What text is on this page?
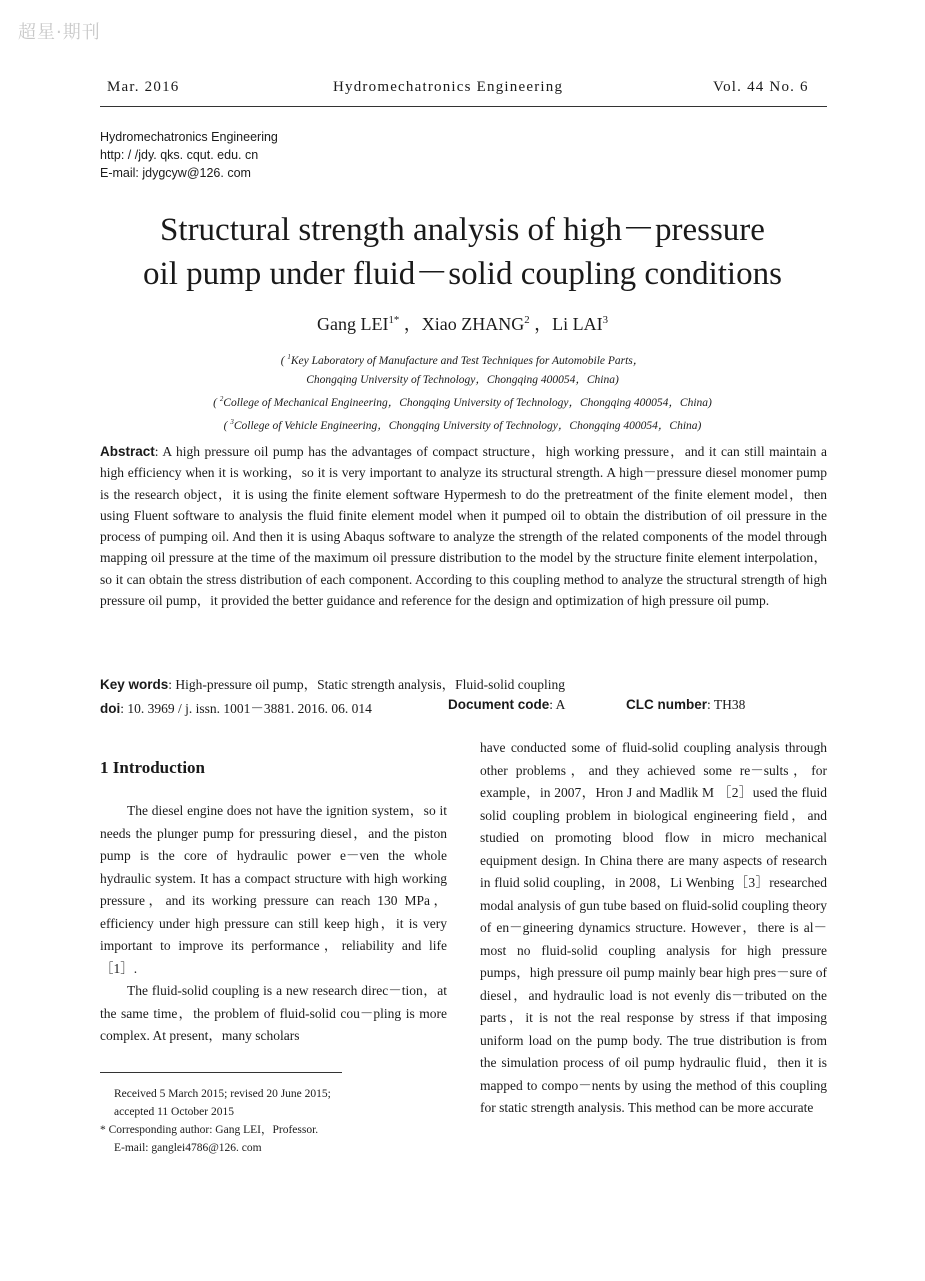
超星·期刊
Mar. 2016	Hydromechatronics Engineering	Vol. 44 No. 6
Hydromechatronics Engineering
http: / /jdy. qks. cqut. edu. cn
E-mail: jdygcyw@126. com
Structural strength analysis of high－pressure
oil pump under fluid－solid coupling conditions
Gang $LEI^{1*}$ ，Xiao ZHANG$^2$ ，Li LAI$^3$
( $^1$Key Laboratory of Manufacture and Test Techniques for Automobile Parts，
Chongqing University of Technology，Chongqing 400054，China)
( $^2$College of Mechanical Engineering，Chongqing University of Technology，Chongqing 400054，China)
( $^3$College of Vehicle Engineering，Chongqing University of Technology，Chongqing 400054，China)
Abstract: A high pressure oil pump has the advantages of compact structure，high working pressure，and it can still maintain a high efficiency when it is working，so it is very important to analyze its structural strength. A high－pressure diesel monomer pump is the research object，it is using the finite element software Hypermesh to do the pretreatment of the finite element model，then using Fluent software to analysis the fluid finite element model when it pumped oil to obtain the distribution of oil pressure in the process of pumping oil. And then it is using Abaqus software to analyze the strength of the related components of the model through mapping oil pressure at the time of the maximum oil pressure distribution to the model by the structure finite element interpolation，so it can obtain the stress distribution of each component. According to this coupling method to analyze the structural strength of high pressure oil pump，it provided the better guidance and reference for the design and optimization of high pressure oil pump.
Key words: High-pressure oil pump，Static strength analysis，Fluid-solid coupling
doi: 10. 3969 / j. issn. 1001－3881. 2016. 06. 014	Document code: A	CLC number: TH38
1 Introduction

The diesel engine does not have the ignition system，so it needs the plunger pump for pressuring diesel，and the piston pump is the core of hydraulic power e－ven the whole hydraulic system. It has a compact structure with high working pressure，and its working pressure can reach 130 MPa，efficiency under high pressure can still keep high，it is very important to improve its performance，reliability and life［1］.

The fluid-solid coupling is a new research direc－tion，at the same time，the problem of fluid-solid cou－pling is more complex. At present，many scholars

have conducted some of fluid-solid coupling analysis through other problems，and they achieved some re－sults，for example，in 2007，Hron J and Madlik M ［2］used the fluid solid coupling problem in biological engineering field，and studied on promoting blood flow in micro mechanical equipment design. In China there are many aspects of research in fluid solid coupling，in 2008，Li Wenbing［3］researched modal analysis of gun tube based on fluid-solid coupling theory of en－gineering dynamics structure. However，there is al－most no fluid-solid coupling analysis for high pressure pumps，high pressure oil pump mainly bear high pres－sure of diesel，and hydraulic load is not evenly dis－tributed on the parts，it is not the real response by stress if that imposing uniform load on the pump body. The true distribution is from the simulation process of oil pump hydraulic fluid，then it is mapped to compo－nents by using the method of this coupling for static strength analysis. This method can be more accurate

Received 5 March 2015; revised 20 June 2015;
accepted 11 October 2015
* Corresponding author: Gang LEI，Professor.
E-mail: ganglei4786@126. com
